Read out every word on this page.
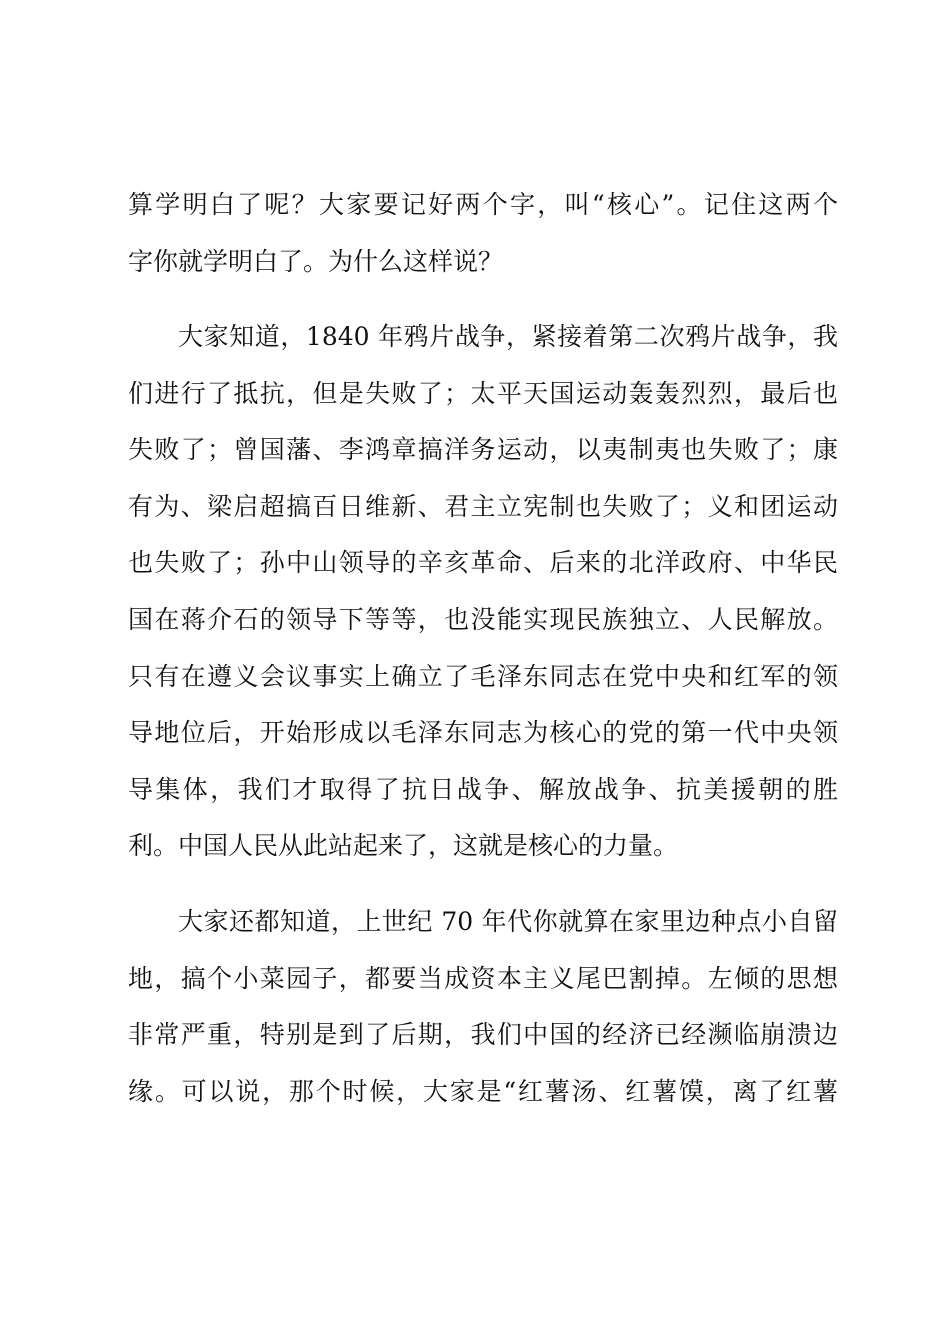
算学明白了呢？大家要记好两个字，叫“核心”。记住这两个
字你就学明白了。为什么这样说？
大家知道，1840 年鸦片战争，紧接着第二次鸦片战争，我
们进行了抵抗，但是失败了；太平天国运动轰轰烈烈，最后也
失败了；曾国藩、李鸿章搞洋务运动，以夷制夷也失败了；康
有为、梁启超搞百日维新、君主立宪制也失败了；义和团运动
也失败了；孙中山领导的辛亥革命、后来的北洋政府、中华民
国在蒋介石的领导下等等，也没能实现民族独立、人民解放。
只有在遵义会议事实上确立了毛泽东同志在党中央和红军的领
导地位后，开始形成以毛泽东同志为核心的党的第一代中央领
导集体，我们才取得了抗日战争、解放战争、抗美援朝的胜
利。中国人民从此站起来了，这就是核心的力量。
大家还都知道，上世纪 70 年代你就算在家里边种点小自留
地，搞个小菜园子，都要当成资本主义尾巴割掉。左倾的思想
非常严重，特别是到了后期，我们中国的经济已经濒临崩溃边
缘。可以说，那个时候，大家是“红薯汤、红薯馍，离了红薯
